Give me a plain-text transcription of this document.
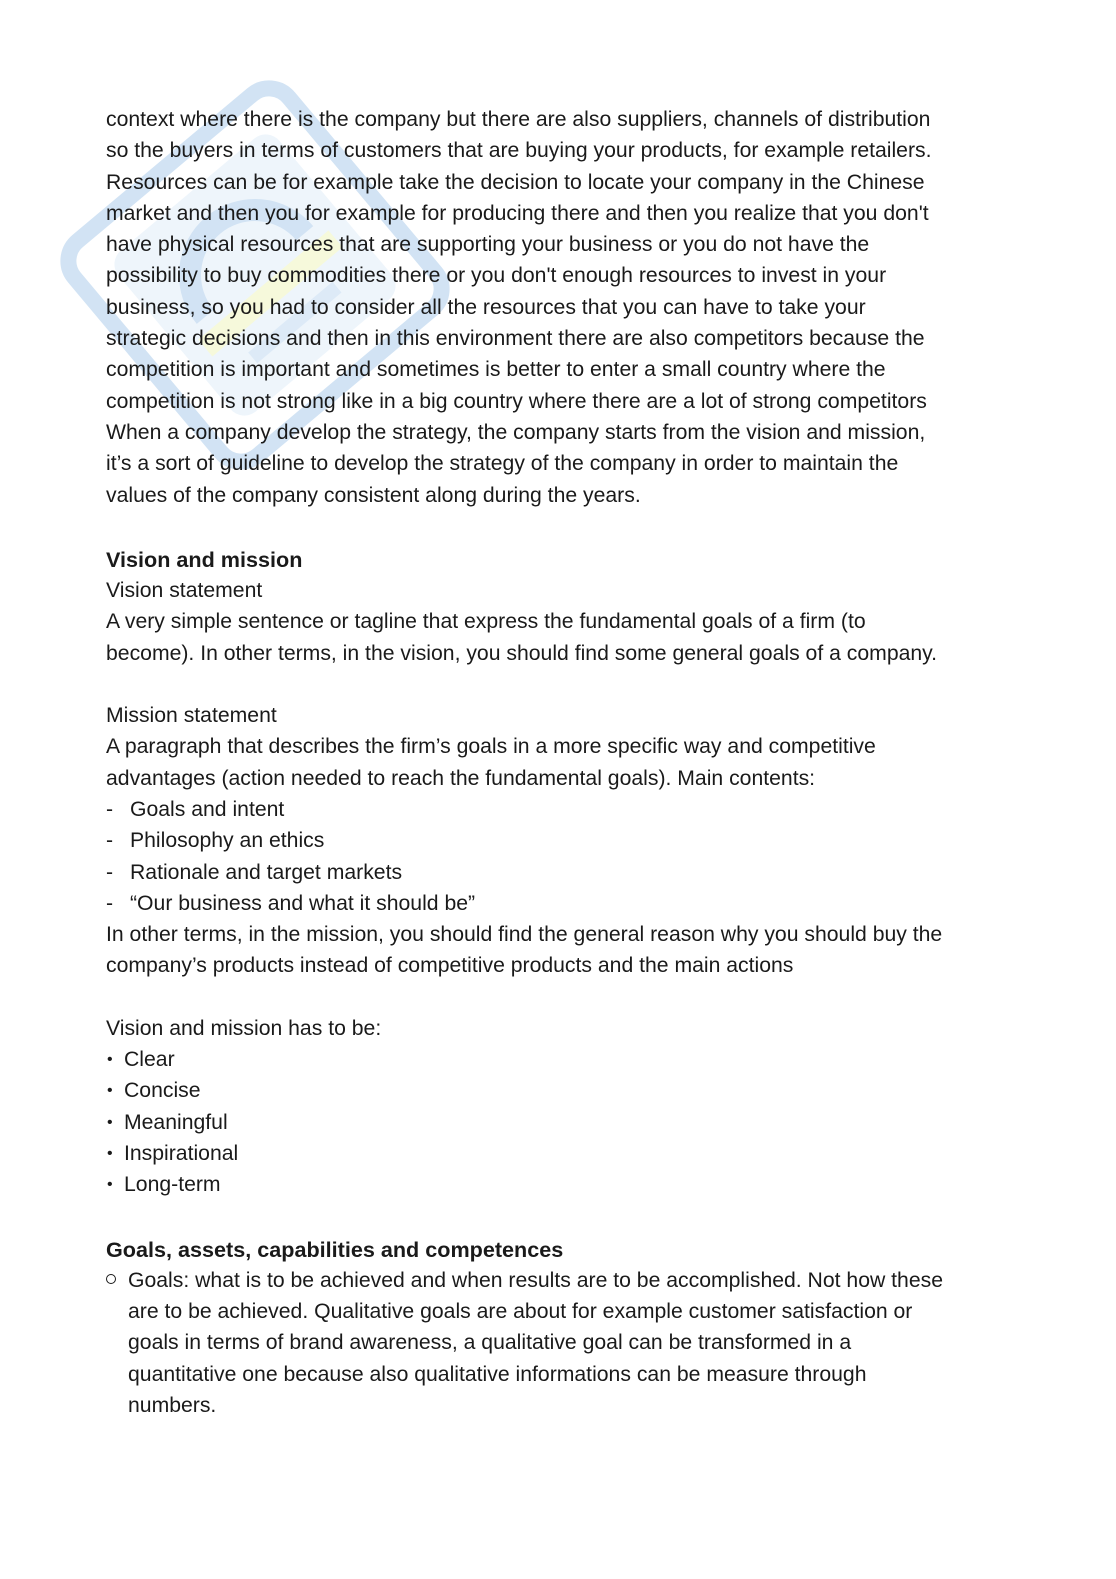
context where there is the company but there are also suppliers, channels of distribution
so the buyers in terms of customers that are buying your products, for example retailers.
Resources can be for example take the decision to locate your company in the Chinese
market and then you for example for producing there and then you realize that you don't
have physical resources that are supporting your business or you do not have the
possibility to buy commodities there or you don't enough resources to invest in your
business, so you had to consider all the resources that you can have to take your
strategic decisions and then in this environment there are also competitors because the
competition is important and sometimes is better to enter a small country where the
competition is not strong like in a big country where there are a lot of strong competitors
When a company develop the strategy, the company starts from the vision and mission,
it’s a sort of guideline to develop the strategy of the company in order to maintain the
values of the company consistent along during the years.

Vision and mission
Vision statement

A very simple sentence or tagline that express the fundamental goals of a firm (to
become). In other terms, in the vision, you should find some general goals of a company.

Mission statement

A paragraph that describes the firm’s goals in a more specific way and competitive
advantages (action needed to reach the fundamental goals). Main contents:

- Goals and intent
- Philosophy an ethics
- Rationale and target markets
- “Our business and what it should be”

In other terms, in the mission, you should find the general reason why you should buy the
company’s products instead of competitive products and the main actions

Vision and mission has to be:
• Clear
• Concise
• Meaningful
• Inspirational
• Long-term
Goals, assets, capabilities and competences
Goals: what is to be achieved and when results are to be accomplished. Not how these
are to be achieved. Qualitative goals are about for example customer satisfaction or
goals in terms of brand awareness, a qualitative goal can be transformed in a
quantitative one because also qualitative informations can be measure through
numbers.
